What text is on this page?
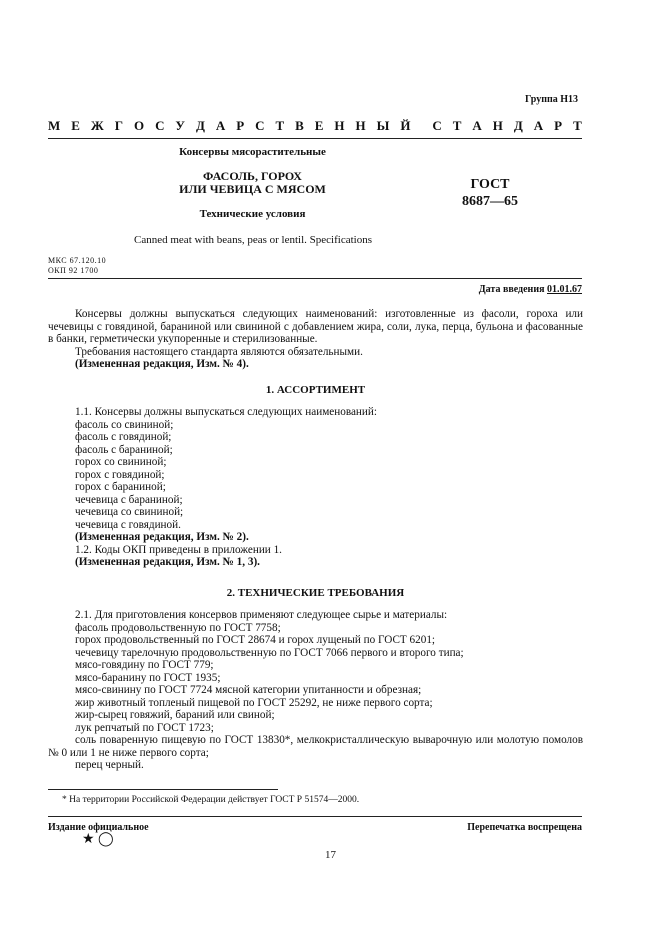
Группа Н13
М Е Ж Г О С У Д А Р С Т В Е Н Н Ы Й С Т А Н Д А Р Т
Консервы мясорастительные
ФАСОЛЬ, ГОРОХ
ИЛИ ЧЕВИЦА С МЯСОМ
Технические условия
ГОСТ
8687—65
Canned meat with beans, peas or lentil. Specifications
МКС 67.120.10
ОКП 92 1700
Дата введения 01.01.67

Консервы должны выпускаться следующих наименований: изготовленные из фасоли, гороха или чечевицы с говядиной, бараниной или свининой с добавлением жира, соли, лука, перца, бульона и фасованные в банки, герметически укупоренные и стерилизованные.

Требования настоящего стандарта являются обязательными.

(Измененная редакция, Изм. № 4).

1. АССОРТИМЕНТ

1.1. Консервы должны выпускаться следующих наименований:

фасоль со свининой;
фасоль с говядиной;
фасоль с бараниной;
горох со свининой;
горох с говядиной;
горох с бараниной;
чечевица с бараниной;
чечевица со свининой;
чечевица с говядиной.

(Измененная редакция, Изм. № 2).

1.2. Коды ОКП приведены в приложении 1.

(Измененная редакция, Изм. № 1, 3).

2. ТЕХНИЧЕСКИЕ ТРЕБОВАНИЯ

2.1. Для приготовления консервов применяют следующее сырье и материалы:

фасоль продовольственную по ГОСТ 7758;
горох продовольственный по ГОСТ 28674 и горох лущеный по ГОСТ 6201;
чечевицу тарелочную продовольственную по ГОСТ 7066 первого и второго типа;
мясо-говядину по ГОСТ 779;
мясо-баранину по ГОСТ 1935;
мясо-свинину по ГОСТ 7724 мясной категории упитанности и обрезная;
жир животный топленый пищевой по ГОСТ 25292, не ниже первого сорта;
жир-сырец говяжий, бараний или свиной;
лук репчатый по ГОСТ 1723;

соль поваренную пищевую по ГОСТ 13830*, мелкокристаллическую выварочную или молотую помолов № 0 или 1 не ниже первого сорта;

перец черный.

* На территории Российской Федерации действует ГОСТ Р 51574—2000.
Издание официальное	Перепечатка воспрещена
★ ◯
17
